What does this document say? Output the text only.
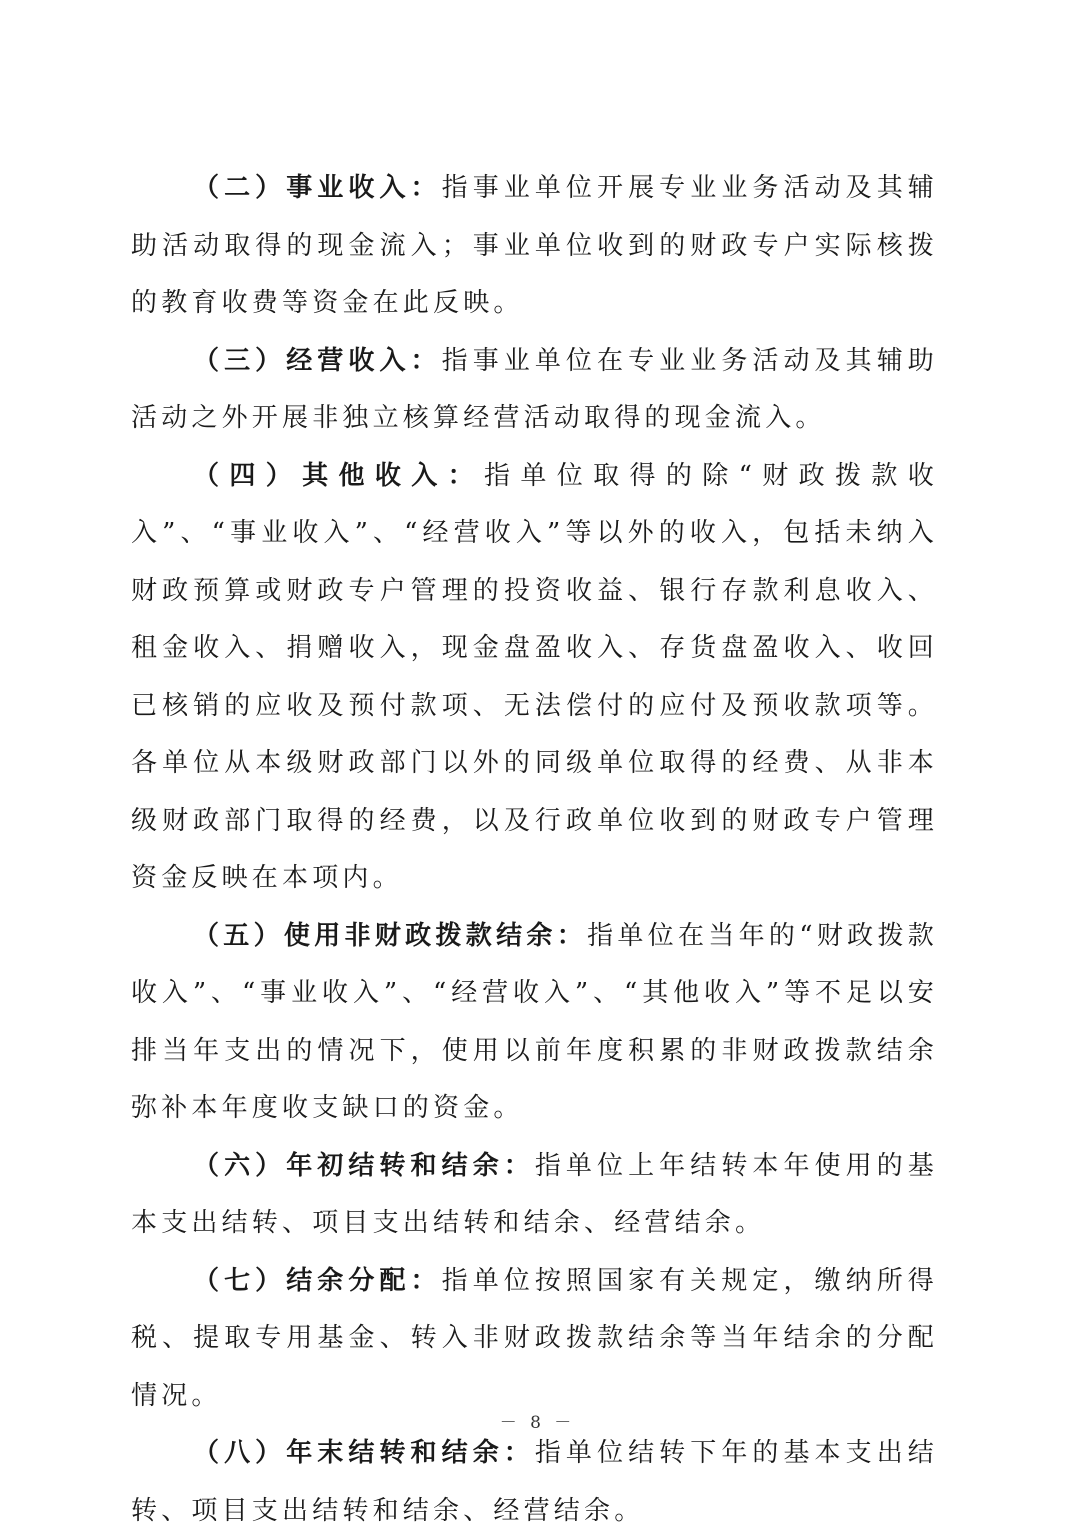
（二）事业收入：指事业单位开展专业业务活动及其辅助活动取得的现金流入；事业单位收到的财政专户实际核拨的教育收费等资金在此反映。

（三）经营收入：指事业单位在专业业务活动及其辅助活动之外开展非独立核算经营活动取得的现金流入。

（四）其他收入：指单位取得的除“财政拨款收入”、“事业收入”、“经营收入”等以外的收入，包括未纳入财政预算或财政专户管理的投资收益、银行存款利息收入、租金收入、捐赠收入，现金盘盈收入、存货盘盈收入、收回已核销的应收及预付款项、无法偿付的应付及预收款项等。各单位从本级财政部门以外的同级单位取得的经费、从非本级财政部门取得的经费，以及行政单位收到的财政专户管理资金反映在本项内。

（五）使用非财政拨款结余：指单位在当年的“财政拨款收入”、“事业收入”、“经营收入”、“其他收入”等不足以安排当年支出的情况下，使用以前年度积累的非财政拨款结余弥补本年度收支缺口的资金。

（六）年初结转和结余：指单位上年结转本年使用的基本支出结转、项目支出结转和结余、经营结余。

（七）结余分配：指单位按照国家有关规定，缴纳所得税、提取专用基金、转入非财政拨款结余等当年结余的分配情况。

（八）年末结转和结余：指单位结转下年的基本支出结转、项目支出结转和结余、经营结余。

－ 8 －
